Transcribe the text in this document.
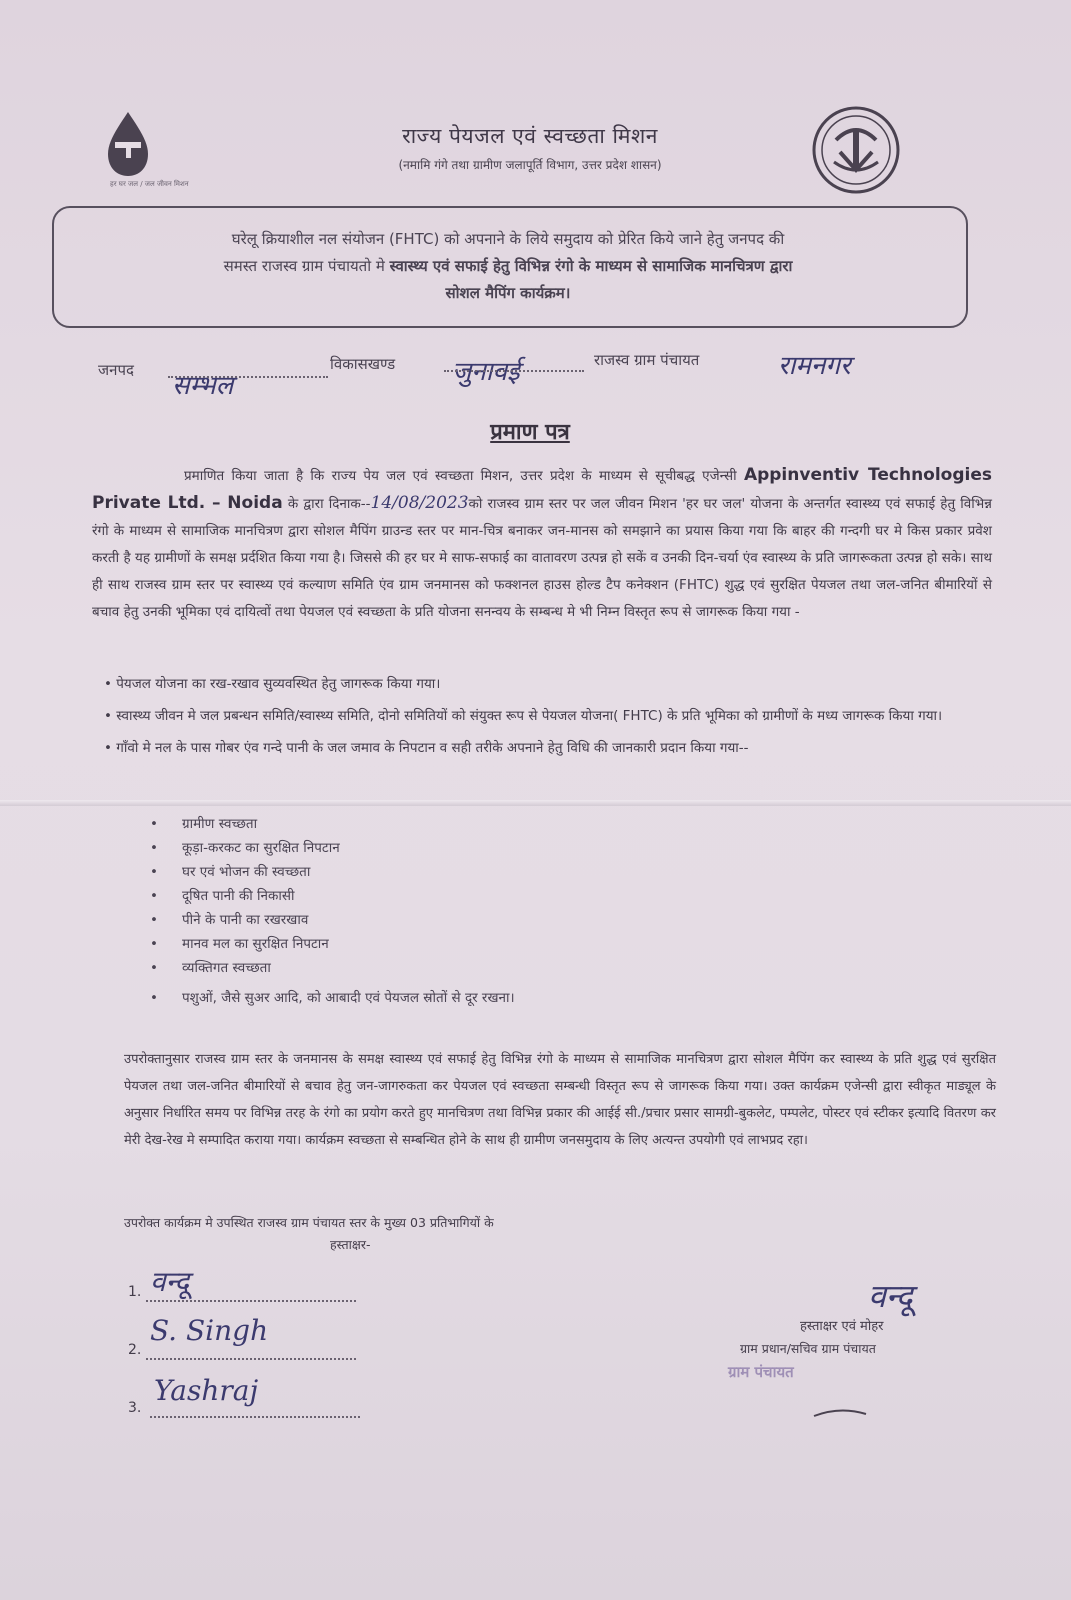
हर घर जल / जल जीवन मिशन
राज्य पेयजल एवं स्वच्छता मिशन
(नमामि गंगे तथा ग्रामीण जलापूर्ति विभाग, उत्तर प्रदेश शासन)
घरेलू क्रियाशील नल संयोजन (FHTC) को अपनाने के लिये समुदाय को प्रेरित किये जाने हेतु जनपद की
समस्त राजस्व ग्राम पंचायतो मे स्वास्थ्य एवं सफाई हेतु विभिन्न रंगो के माध्यम से सामाजिक मानचित्रण द्वारा
सोशल मैपिंग कार्यक्रम।
जनपद
सम्भल
विकासखण्ड जुनावई	राजस्व ग्राम पंचायत	रामनगर
प्रमाण पत्र
प्रमाणित किया जाता है कि राज्य पेय जल एवं स्वच्छता मिशन, उत्तर प्रदेश के माध्यम से सूचीबद्ध एजेन्सी Appinventiv Technologies Private Ltd. – Noida के द्वारा दिनाक--14/08/2023को राजस्व ग्राम स्तर पर जल जीवन मिशन 'हर घर जल' योजना के अन्तर्गत स्वास्थ्य एवं सफाई हेतु विभिन्न रंगो के माध्यम से सामाजिक मानचित्रण द्वारा सोशल मैपिंग ग्राउन्ड स्तर पर मान-चित्र बनाकर जन-मानस को समझाने का प्रयास किया गया कि बाहर की गन्दगी घर मे किस प्रकार प्रवेश करती है यह ग्रामीणों के समक्ष प्रर्दशित किया गया है। जिससे की हर घर मे साफ-सफाई का वातावरण उत्पन्न हो सकें व उनकी दिन-चर्या एंव स्वास्थ्य के प्रति जागरूकता उत्पन्न हो सके। साथ ही साथ राजस्व ग्राम स्तर पर स्वास्थ्य एवं कल्याण समिति एंव ग्राम जनमानस को फक्शनल हाउस होल्ड टैप कनेक्शन (FHTC) शुद्ध एवं सुरक्षित पेयजल तथा जल-जनित बीमारियों से बचाव हेतु उनकी भूमिका एवं दायित्वों तथा पेयजल एवं स्वच्छता के प्रति योजना सनन्वय के सम्बन्ध मे भी निम्न विस्तृत रूप से जागरूक किया गया -
• पेयजल योजना का रख-रखाव सुव्यवस्थित हेतु जागरूक किया गया।
• स्वास्थ्य जीवन मे जल प्रबन्धन समिति/स्वास्थ्य समिति, दोनो समितियों को संयुक्त रूप से पेयजल योजना( FHTC) के प्रति भूमिका को ग्रामीणों के मध्य जागरूक किया गया।
• गाँवो मे नल के पास गोबर एंव गन्दे पानी के जल जमाव के निपटान व सही तरीके अपनाने हेतु विधि की जानकारी प्रदान किया गया--
• ग्रामीण स्वच्छता
• कूड़ा-करकट का सुरक्षित निपटान
• घर एवं भोजन की स्वच्छता
• दूषित पानी की निकासी
• पीने के पानी का रखरखाव
• मानव मल का सुरक्षित निपटान
• व्यक्तिगत स्वच्छता
• पशुओं, जैसे सुअर आदि, को आबादी एवं पेयजल स्रोतों से दूर रखना।
उपरोक्तानुसार राजस्व ग्राम स्तर के जनमानस के समक्ष स्वास्थ्य एवं सफाई हेतु विभिन्न रंगो के माध्यम से सामाजिक मानचित्रण द्वारा सोशल मैपिंग कर स्वास्थ्य के प्रति शुद्ध एवं सुरक्षित पेयजल तथा जल-जनित बीमारियों से बचाव हेतु जन-जागरुकता कर पेयजल एवं स्वच्छता सम्बन्धी विस्तृत रूप से जागरूक किया गया। उक्त कार्यक्रम एजेन्सी द्वारा स्वीकृत माड्यूल के अनुसार निर्धारित समय पर विभिन्न तरह के रंगो का प्रयोग करते हुए मानचित्रण तथा विभिन्न प्रकार की आईई सी./प्रचार प्रसार सामग्री-बुकलेट, पम्पलेट, पोस्टर एवं स्टीकर इत्यादि वितरण कर मेरी देख-रेख मे सम्पादित कराया गया। कार्यक्रम स्वच्छता से सम्बन्धित होने के साथ ही ग्रामीण जनसमुदाय के लिए अत्यन्त उपयोगी एवं लाभप्रद रहा।
उपरोक्त कार्यक्रम मे उपस्थित राजस्व ग्राम पंचायत स्तर के मुख्य 03 प्रतिभागियों के
हस्ताक्षर-
1. वन्दू
2.
S. Singh
3.
Yashraj
वन्दू
हस्ताक्षर एवं मोहर
ग्राम प्रधान/सचिव ग्राम पंचायत
ग्राम पंचायत
